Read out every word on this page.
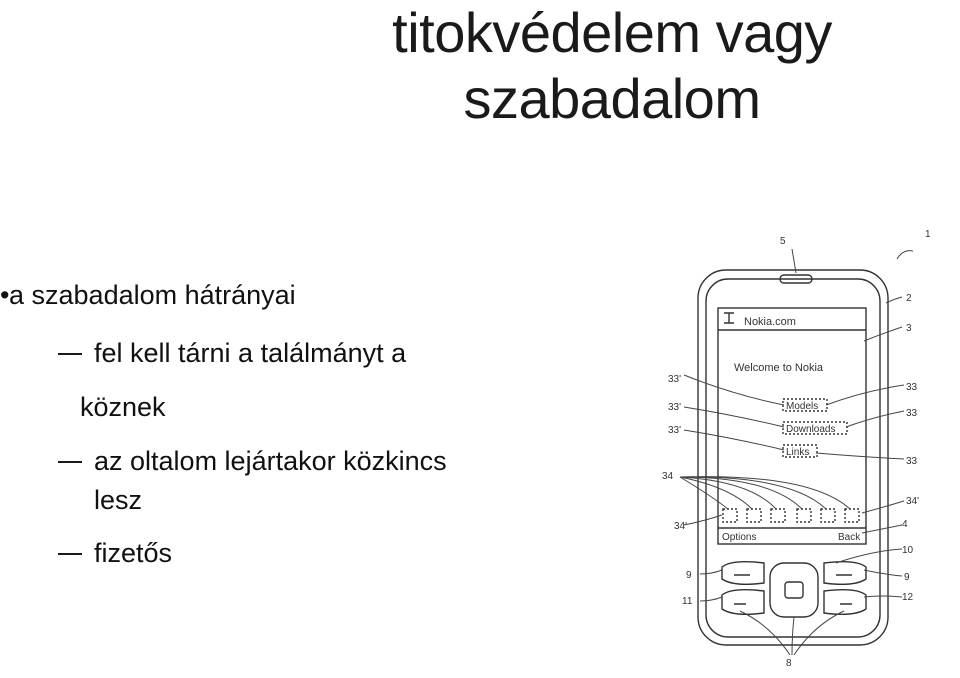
titokvédelem vagy
szabadalom
•a szabadalom hátrányai
fel kell tárni a találmányt a
köznek
az oltalom lejártakor közkincs
lesz
fizetős
Nokia.com
Welcome to Nokia
Models
Downloads
Links
Options	Back
1
5
2
3
33'
33'
33'
33
33
33
34
34'
34'	4
10
9	9
11	12
8
